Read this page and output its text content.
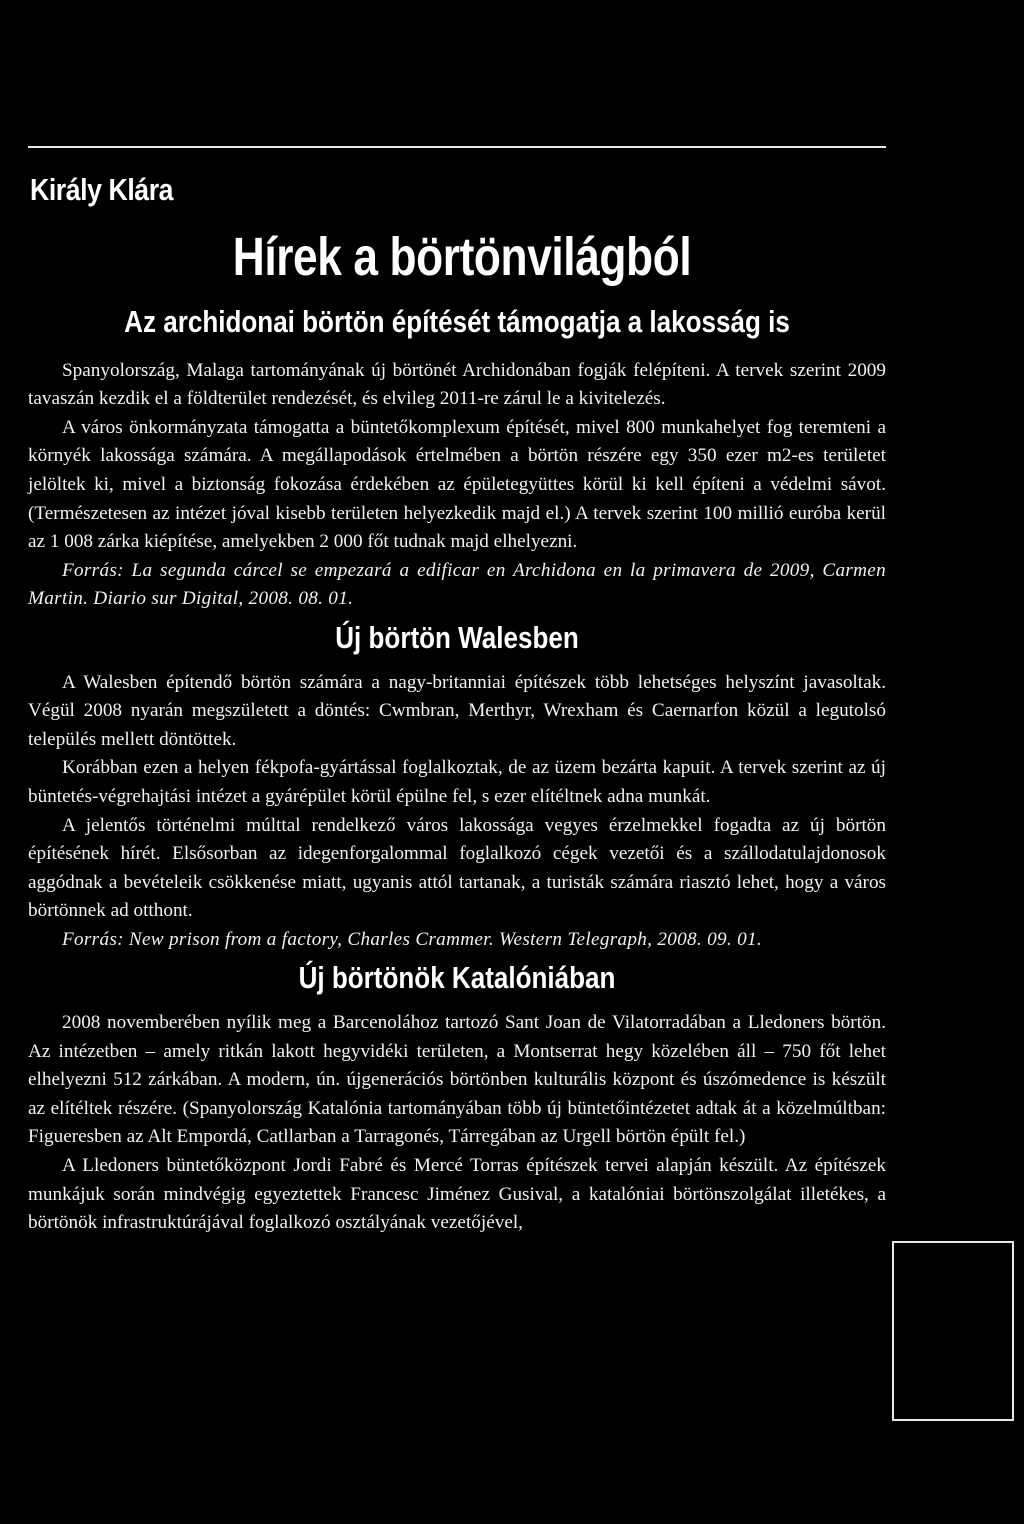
Király Klára
Hírek a börtönvilágból
Az archidonai börtön építését támogatja a lakosság is

Spanyolország, Malaga tartományának új börtönét Archidonában fogják felépíteni. A tervek szerint 2009 tavaszán kezdik el a földterület rendezését, és elvileg 2011-re zárul le a kivitelezés.

A város önkormányzata támogatta a büntetőkomplexum építését, mivel 800 munkahelyet fog teremteni a környék lakossága számára. A megállapodások értelmében a börtön részére egy 350 ezer m2-es területet jelöltek ki, mivel a biztonság fokozása érdekében az épületegyüttes körül ki kell építeni a védelmi sávot. (Természetesen az intézet jóval kisebb területen helyezkedik majd el.) A tervek szerint 100 millió euróba kerül az 1 008 zárka kiépítése, amelyekben 2 000 főt tudnak majd elhelyezni.

Forrás: La segunda cárcel se empezará a edificar en Archidona en la primavera de 2009, Carmen Martin. Diario sur Digital, 2008. 08. 01.

Új börtön Walesben

A Walesben építendő börtön számára a nagy-britanniai építészek több lehetséges helyszínt javasoltak. Végül 2008 nyarán megszületett a döntés: Cwmbran, Merthyr, Wrexham és Caernarfon közül a legutolsó település mellett döntöttek.

Korábban ezen a helyen fékpofa-gyártással foglalkoztak, de az üzem bezárta kapuit. A tervek szerint az új büntetés-végrehajtási intézet a gyárépület körül épülne fel, s ezer elítéltnek adna munkát.

A jelentős történelmi múlttal rendelkező város lakossága vegyes érzelmekkel fogadta az új börtön építésének hírét. Elsősorban az idegenforgalommal foglalkozó cégek vezetői és a szállodatulajdonosok aggódnak a bevételeik csökkenése miatt, ugyanis attól tartanak, a turisták számára riasztó lehet, hogy a város börtönnek ad otthont.

Forrás: New prison from a factory, Charles Crammer. Western Telegraph, 2008. 09. 01.

Új börtönök Katalóniában

2008 novemberében nyílik meg a Barcenolához tartozó Sant Joan de Vilatorradában a Lledoners börtön. Az intézetben – amely ritkán lakott hegyvidéki területen, a Montserrat hegy közelében áll – 750 főt lehet elhelyezni 512 zárkában. A modern, ún. újgenerációs börtönben kulturális központ és úszómedence is készült az elítéltek részére. (Spanyolország Katalónia tartományában több új büntetőintézetet adtak át a közelmúltban: Figueresben az Alt Empordá, Catllarban a Tarragonés, Tárregában az Urgell börtön épült fel.)

A Lledoners büntetőközpont Jordi Fabré és Mercé Torras építészek tervei alapján készült. Az építészek munkájuk során mindvégig egyeztettek Francesc Jiménez Gusival, a katalóniai börtönszolgálat illetékes, a börtönök infrastruktúrájával foglalkozó osztályának vezetőjével,
